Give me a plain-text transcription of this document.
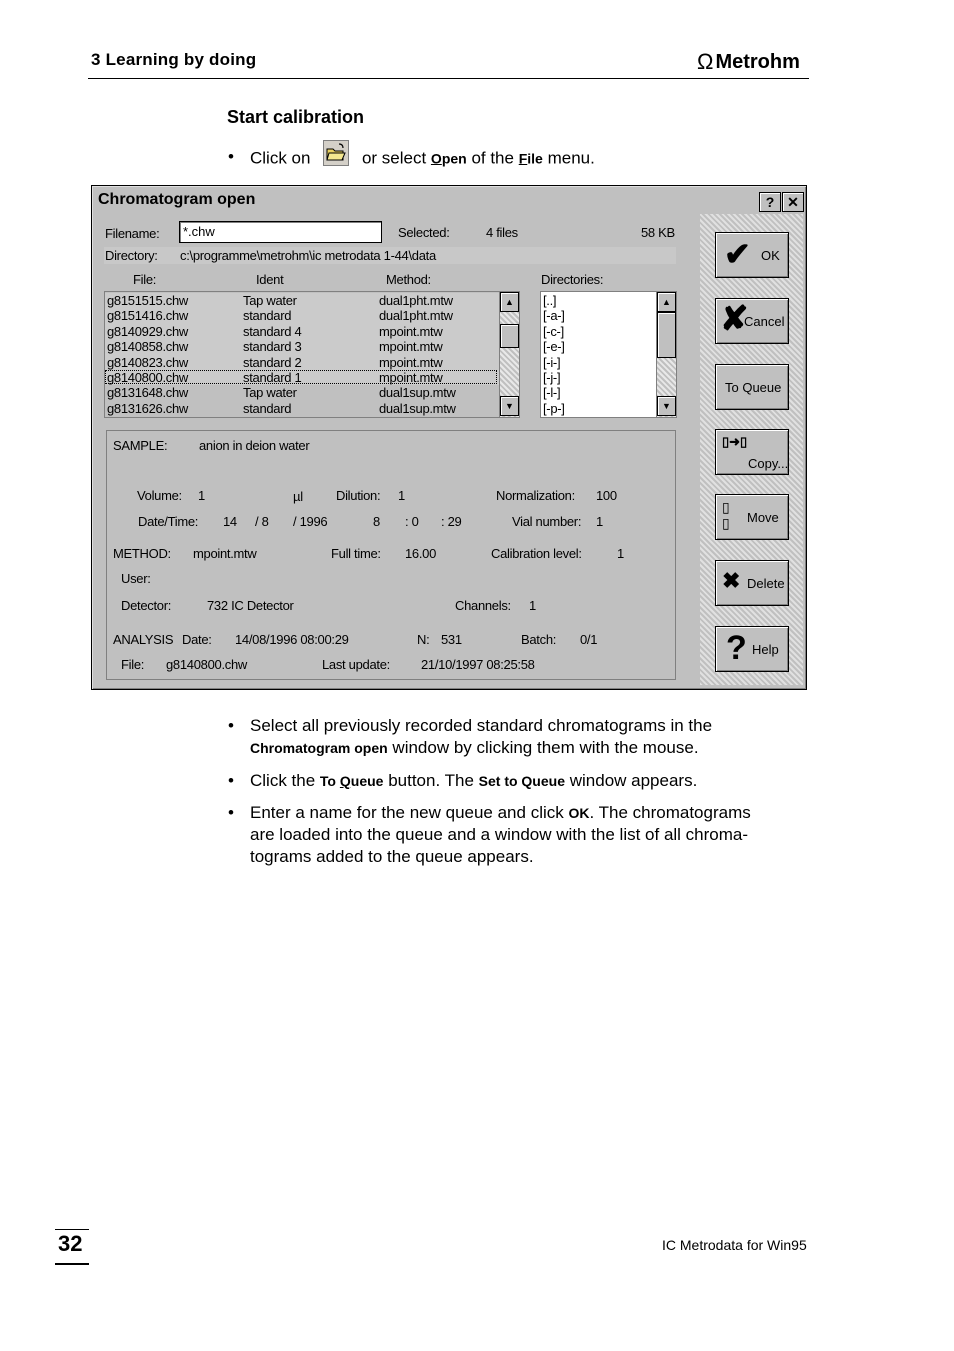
3 Learning by doing	Ω Metrohm
Start calibration
• Click on	or select Open of the File menu.
Chromatogram open	? ✕
Filename:	*.chw	Selected:	4 files	58 KB
Directory: c:\programme\metrohm\ic metrodata 1-44\data
File:	Ident	Method:	Directories:
g8151515.chw	Tap water	dual1pht.mtw
g8151416.chw	standard	dual1pht.mtw
g8140929.chw	standard 4	mpoint.mtw
g8140858.chw	standard 3	mpoint.mtw
g8140823.chw	standard 2	mpoint.mtw
g8140800.chw	standard 1	mpoint.mtw
g8131648.chw	Tap water	dual1sup.mtw
g8131626.chw	standard	dual1sup.mtw
▲
▼
[..]
[-a-]
[-c-]
[-e-]
[-i-]
[-j-]
[-l-]
[-p-]
▲
▼
SAMPLE: anion in deion water
Volume: 1	µl	Dilution: 1	Normalization: 100
Date/Time: 14 / 8 / 1996	8 : 0 : 29	Vial number: 1
METHOD: mpoint.mtw	Full time: 16.00	Calibration level:	1
User:
Detector:	732 IC Detector	Channels: 1
ANALYSIS Date: 14/08/1996 08:00:29	N: 531	Batch: 0/1
File: g8140800.chw	Last update: 21/10/1997 08:25:58
✔ OK
✘
Cancel
To Queue
▯➜▯
Copy...
▯
▯ Move
✖ Delete
? Help
• Select all previously recorded standard chromatograms in the
Chromatogram open window by clicking them with the mouse.
• Click the To Queue button. The Set to Queue window appears.
• Enter a name for the new queue and click OK. The chromatograms
are loaded into the queue and a window with the list of all chroma-
tograms added to the queue appears.
32	IC Metrodata for Win95
